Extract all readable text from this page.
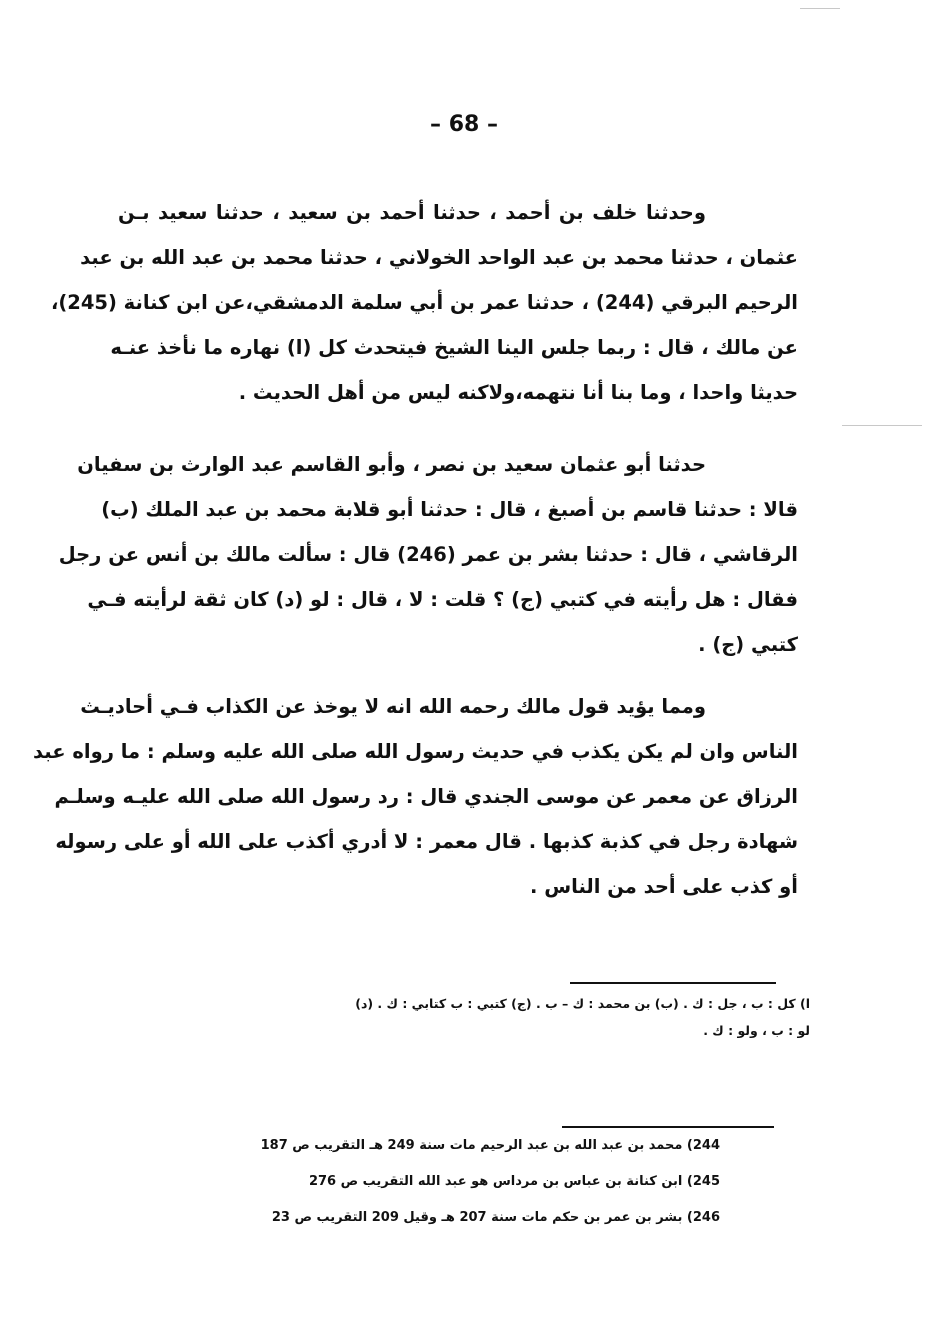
– 68 –
وحدثنا خلف بن أحمد ، حدثنا أحمد بن سعيد ، حدثنا سعيد بـن
عثمان ، حدثنا محمد بن عبد الواحد الخولاني ، حدثنا محمد بن عبد الله بن عبد
الرحيم البرقي (244) ، حدثنا عمر بن أبي سلمة الدمشقي،عن ابن كنانة (245)،
عن مالك ، قال : ربما جلس الينا الشيخ فيتحدث كل (ا) نهاره ما نأخذ عنـه
حديثا واحدا ، وما بنا أنا نتهمه،ولاكنه ليس من أهل الحديث .
حدثنا أبو عثمان سعيد بن نصر ، وأبو القاسم عبد الوارث بن سفيان
قالا : حدثنا قاسم بن أصبغ ، قال : حدثنا أبو قلابة محمد بن عبد الملك (ب)
الرقاشي ، قال : حدثنا بشر بن عمر (246) قال : سألت مالك بن أنس عن رجل
فقال : هل رأيته في كتبي (ج) ؟ قلت : لا ، قال : لو (د) كان ثقة لرأيته فـي
كتبي (ج) .
ومما يؤيد قول مالك رحمه الله انه لا يوخذ عن الكذاب فـي أحاديـث
الناس وان لم يكن يكذب في حديث رسول الله صلى الله عليه وسلم : ما رواه عبد
الرزاق عن معمر عن موسى الجندي قال : رد رسول الله صلى الله عليـه وسلـم
شهادة رجل في كذبة كذبها . قال معمر : لا أدري أكذب على الله أو على رسوله
أو كذب على أحد من الناس .
ا) كل : ب ، جل : ك . (ب) بن محمد : ك – ب . (ج) كتبي : ب كتابي : ك . (د)
لو : ب ، ولو : ك .
244) محمد بن عبد الله بن عبد الرحيم مات سنة 249 هـ التقريب ص 187
245) ابن كنانة بن عباس بن مرداس هو عبد الله التقريب ص 276
246) بشر بن عمر بن حكم مات سنة 207 هـ وقيل 209 التقريب ص 23
